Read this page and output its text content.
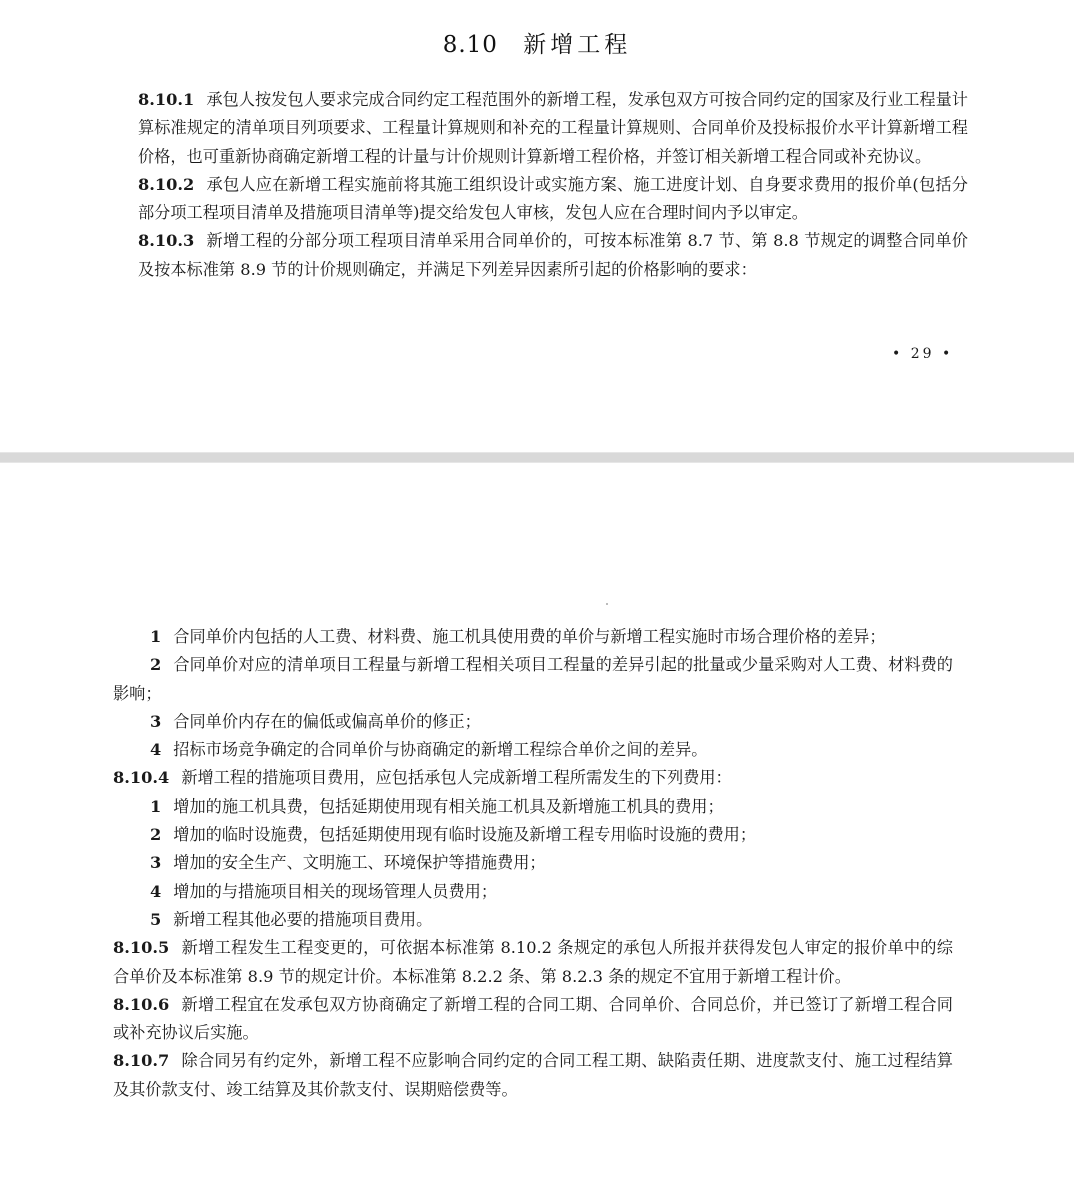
8.10 新增工程

8.10.1 承包人按发包人要求完成合同约定工程范围外的新增工程，发承包双方可按合同约定的国家及行业工程量计算标准规定的清单项目列项要求、工程量计算规则和补充的工程量计算规则、合同单价及投标报价水平计算新增工程价格，也可重新协商确定新增工程的计量与计价规则计算新增工程价格，并签订相关新增工程合同或补充协议。

8.10.2 承包人应在新增工程实施前将其施工组织设计或实施方案、施工进度计划、自身要求费用的报价单(包括分部分项工程项目清单及措施项目清单等)提交给发包人审核，发包人应在合理时间内予以审定。

8.10.3 新增工程的分部分项工程项目清单采用合同单价的，可按本标准第 8.7 节、第 8.8 节规定的调整合同单价及按本标准第 8.9 节的计价规则确定，并满足下列差异因素所引起的价格影响的要求：

• 29 •

1 合同单价内包括的人工费、材料费、施工机具使用费的单价与新增工程实施时市场合理价格的差异；

2 合同单价对应的清单项目工程量与新增工程相关项目工程量的差异引起的批量或少量采购对人工费、材料费的影响；

3 合同单价内存在的偏低或偏高单价的修正；

4 招标市场竞争确定的合同单价与协商确定的新增工程综合单价之间的差异。

8.10.4 新增工程的措施项目费用，应包括承包人完成新增工程所需发生的下列费用：

1 增加的施工机具费，包括延期使用现有相关施工机具及新增施工机具的费用；

2 增加的临时设施费，包括延期使用现有临时设施及新增工程专用临时设施的费用；

3 增加的安全生产、文明施工、环境保护等措施费用；

4 增加的与措施项目相关的现场管理人员费用；

5 新增工程其他必要的措施项目费用。

8.10.5 新增工程发生工程变更的，可依据本标准第 8.10.2 条规定的承包人所报并获得发包人审定的报价单中的综合单价及本标准第 8.9 节的规定计价。本标准第 8.2.2 条、第 8.2.3 条的规定不宜用于新增工程计价。

8.10.6 新增工程宜在发承包双方协商确定了新增工程的合同工期、合同单价、合同总价，并已签订了新增工程合同或补充协议后实施。

8.10.7 除合同另有约定外，新增工程不应影响合同约定的合同工程工期、缺陷责任期、进度款支付、施工过程结算及其价款支付、竣工结算及其价款支付、误期赔偿费等。
